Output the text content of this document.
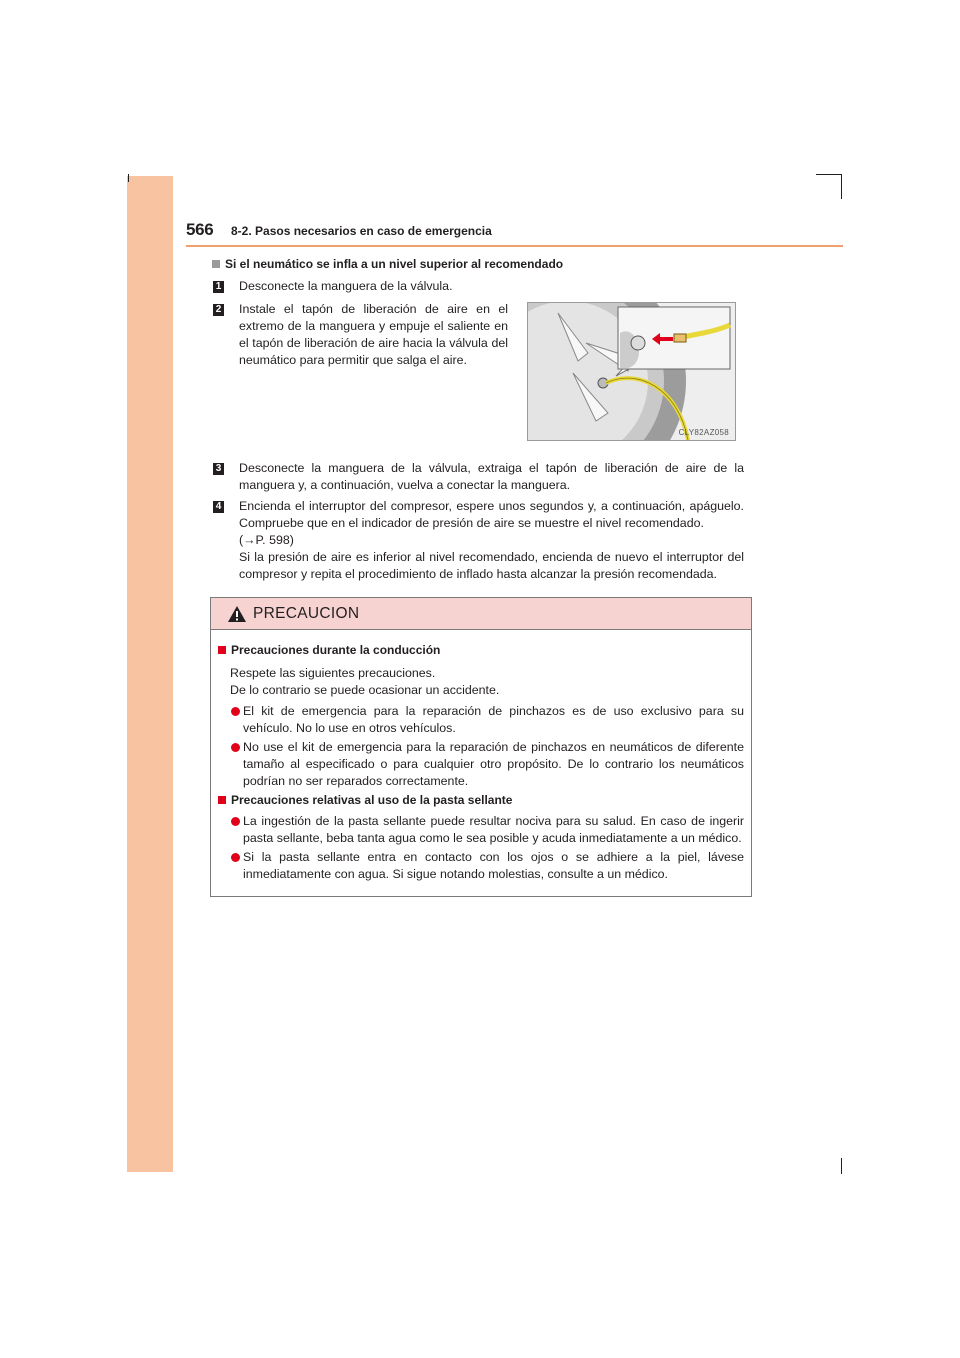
566 8-2. Pasos necesarios en caso de emergencia
Si el neumático se infla a un nivel superior al recomendado
1 Desconecte la manguera de la válvula.
2 Instale el tapón de liberación de aire en el extremo de la manguera y empuje el saliente en el tapón de liberación de aire hacia la válvula del neumático para permitir que salga el aire.
CLY82AZ058
3 Desconecte la manguera de la válvula, extraiga el tapón de liberación de aire de la manguera y, a continuación, vuelva a conectar la manguera.
4 Encienda el interruptor del compresor, espere unos segundos y, a continuación, apáguelo. Compruebe que en el indicador de presión de aire se muestre el nivel recomendado.
(→P. 598)
Si la presión de aire es inferior al nivel recomendado, encienda de nuevo el interruptor del compresor y repita el procedimiento de inflado hasta alcanzar la presión recomendada.
PRECAUCION
Precauciones durante la conducción
Respete las siguientes precauciones.
De lo contrario se puede ocasionar un accidente.
El kit de emergencia para la reparación de pinchazos es de uso exclusivo para su vehículo. No lo use en otros vehículos.
No use el kit de emergencia para la reparación de pinchazos en neumáticos de diferente tamaño al especificado o para cualquier otro propósito. De lo contrario los neumáticos podrían no ser reparados correctamente.
Precauciones relativas al uso de la pasta sellante
La ingestión de la pasta sellante puede resultar nociva para su salud. En caso de ingerir pasta sellante, beba tanta agua como le sea posible y acuda inmediatamente a un médico.
Si la pasta sellante entra en contacto con los ojos o se adhiere a la piel, lávese inmediatamente con agua. Si sigue notando molestias, consulte a un médico.
